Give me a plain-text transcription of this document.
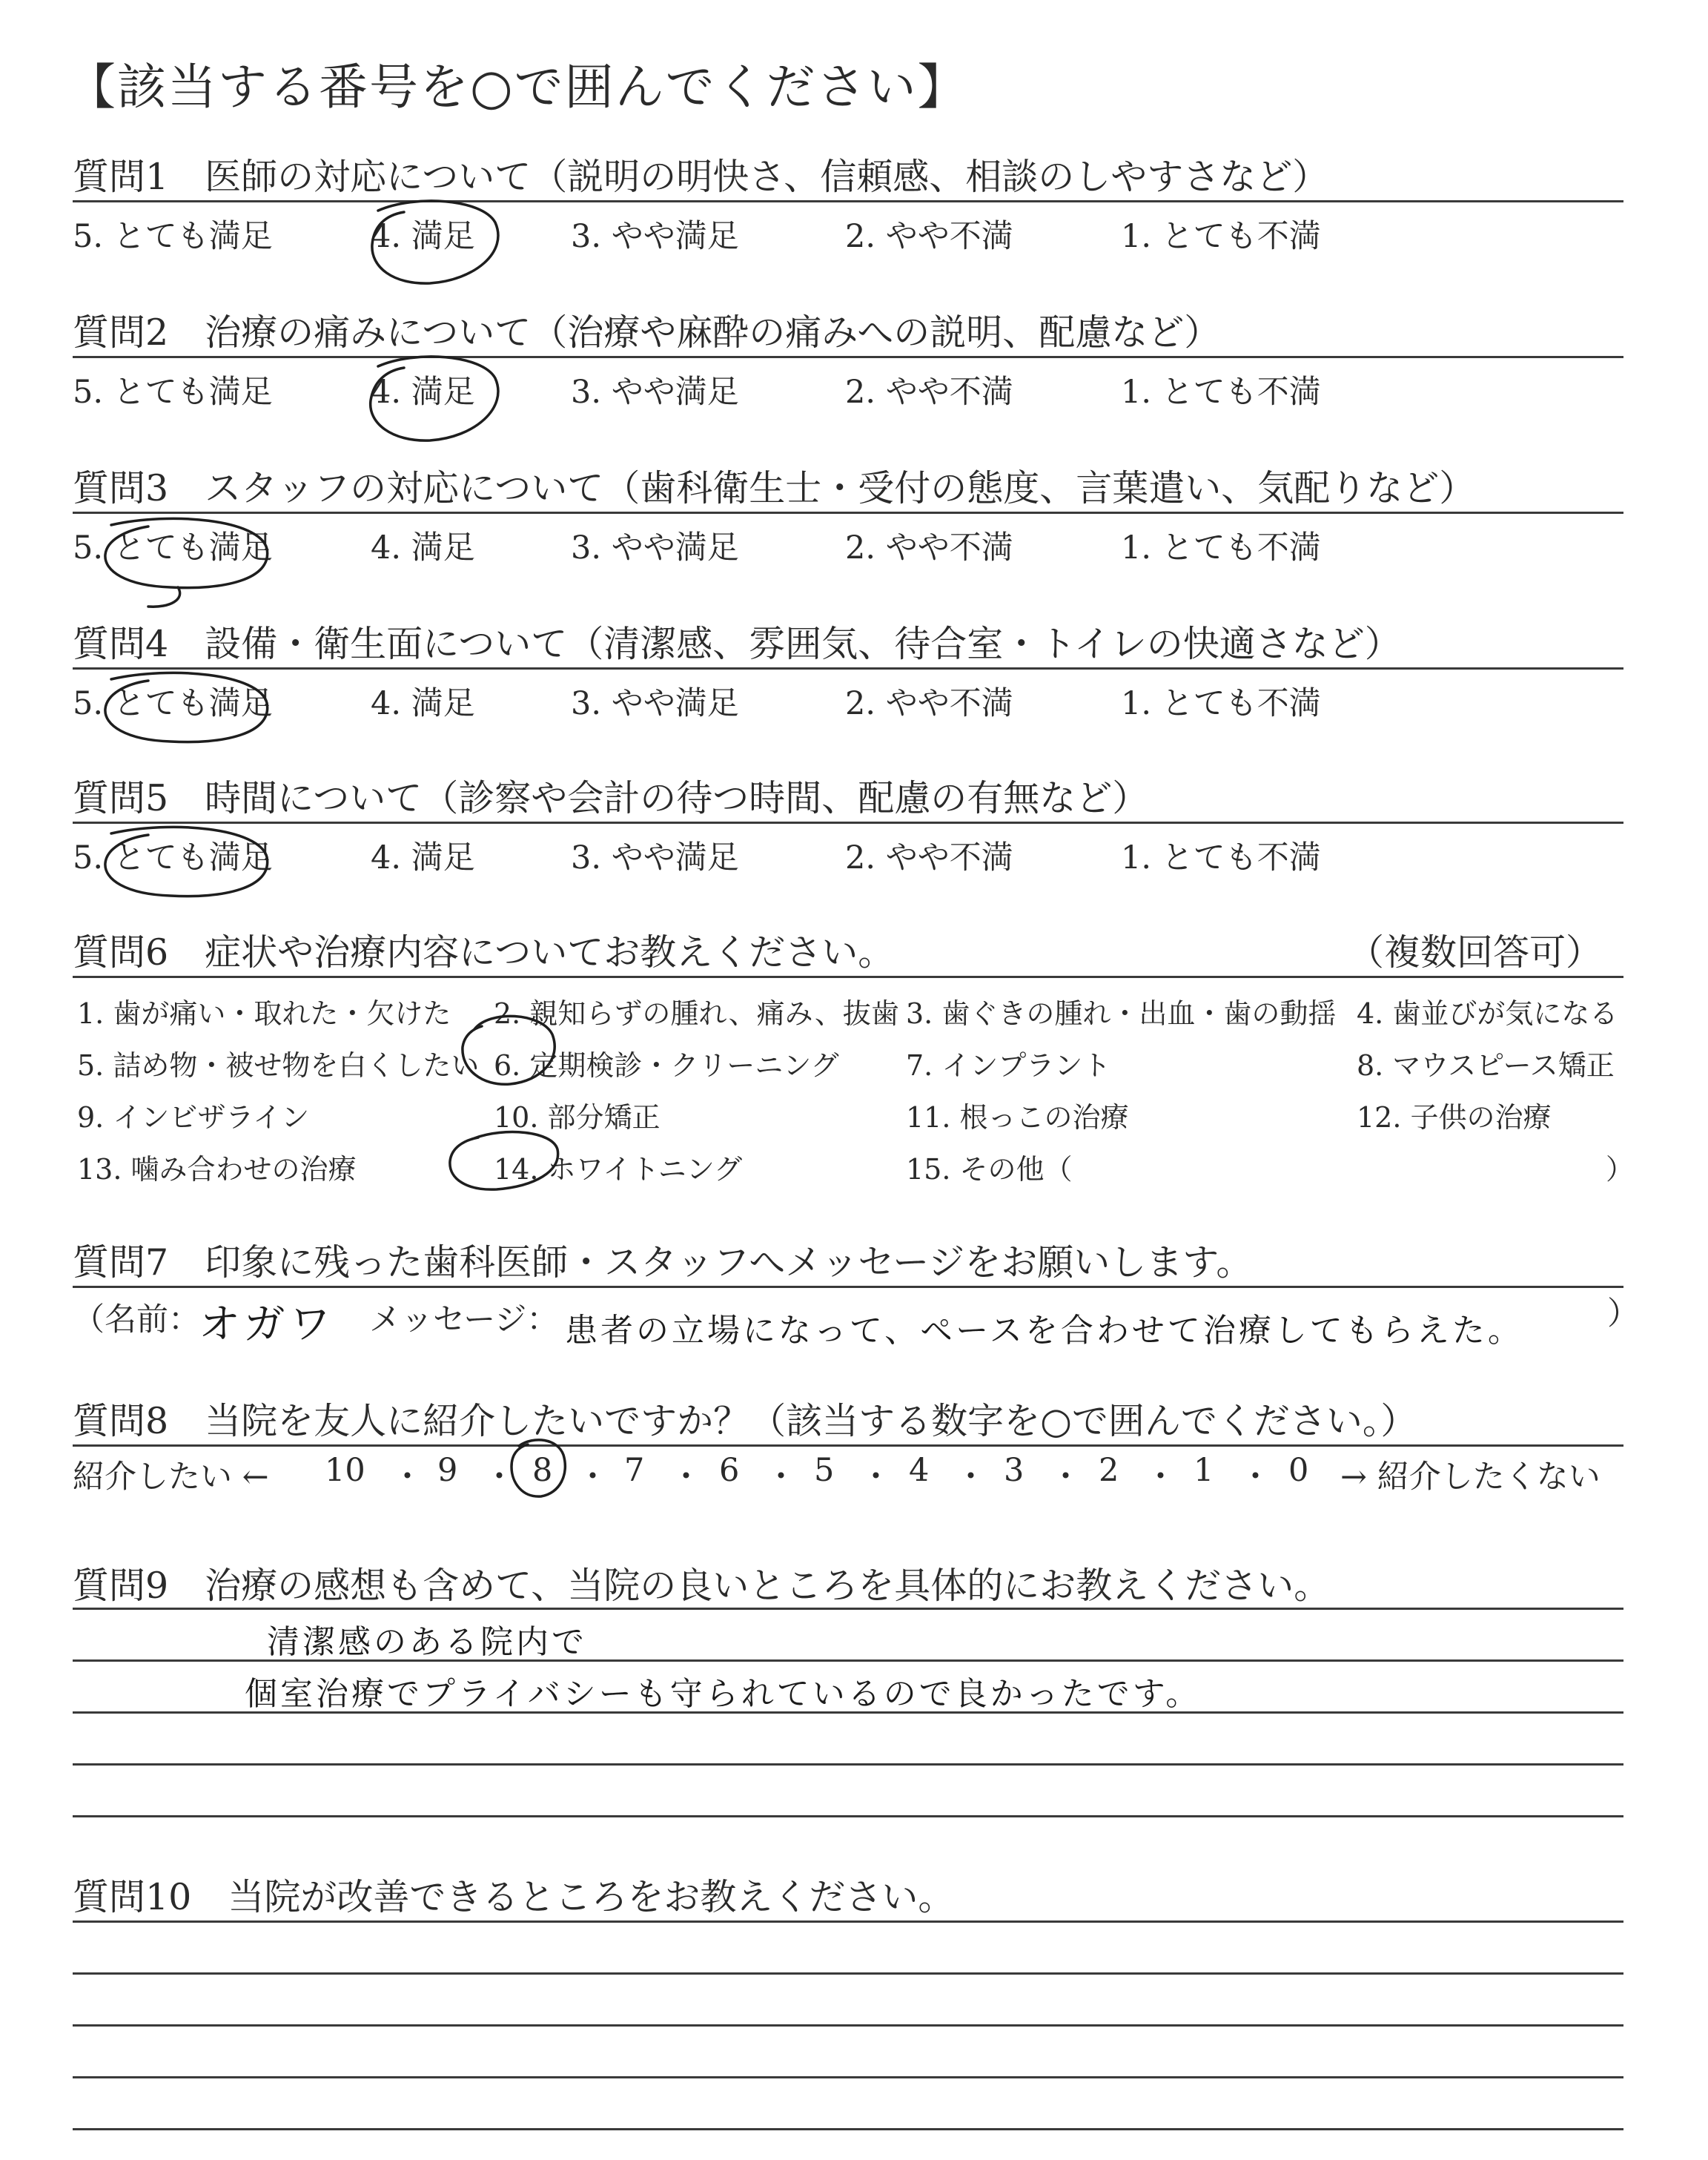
【該当する番号を○で囲んでください】
質問1　医師の対応について（説明の明快さ、信頼感、相談のしやすさなど）
5. とても満足	4. 満足	3. やや満足	2. やや不満	1. とても不満
質問2　治療の痛みについて（治療や麻酔の痛みへの説明、配慮など）
5. とても満足	4. 満足	3. やや満足	2. やや不満	1. とても不満
質問3　スタッフの対応について（歯科衛生士・受付の態度、言葉遣い、気配りなど）
5. とても満足	4. 満足	3. やや満足	2. やや不満	1. とても不満
質問4　設備・衛生面について（清潔感、雰囲気、待合室・トイレの快適さなど）
5. とても満足	4. 満足	3. やや満足	2. やや不満	1. とても不満
質問5　時間について（診察や会計の待つ時間、配慮の有無など）
5. とても満足	4. 満足	3. やや満足	2. やや不満	1. とても不満
質問6　症状や治療内容についてお教えください。	（複数回答可）
1. 歯が痛い・取れた・欠けた 2. 親知らずの腫れ、痛み、抜歯 3. 歯ぐきの腫れ・出血・歯の動揺 4. 歯並びが気になる
5. 詰め物・被せ物を白くしたい 6. 定期検診・クリーニング 7. インプラント	8. マウスピース矯正
9. インビザライン	10. 部分矯正	11. 根っこの治療	12. 子供の治療
13. 噛み合わせの治療	14. ホワイトニング	15. その他（	）
質問7　印象に残った歯科医師・スタッフへメッセージをお願いします。
（名前：
オガワ メッセージ： 患者の立場になって、ペースを合わせて治療してもらえた。	）
質問8　当院を友人に紹介したいですか？（該当する数字を○で囲んでください。）
紹介したい ←	→ 紹介したくない
10 ・ 9 ・ 8 ・ 7 ・ 6 ・ 5 ・ 4 ・ 3 ・ 2 ・ 1 ・ 0
質問9　治療の感想も含めて、当院の良いところを具体的にお教えください。
清潔感のある院内で
個室治療でプライバシーも守られているので良かったです。
質問10　当院が改善できるところをお教えください。
